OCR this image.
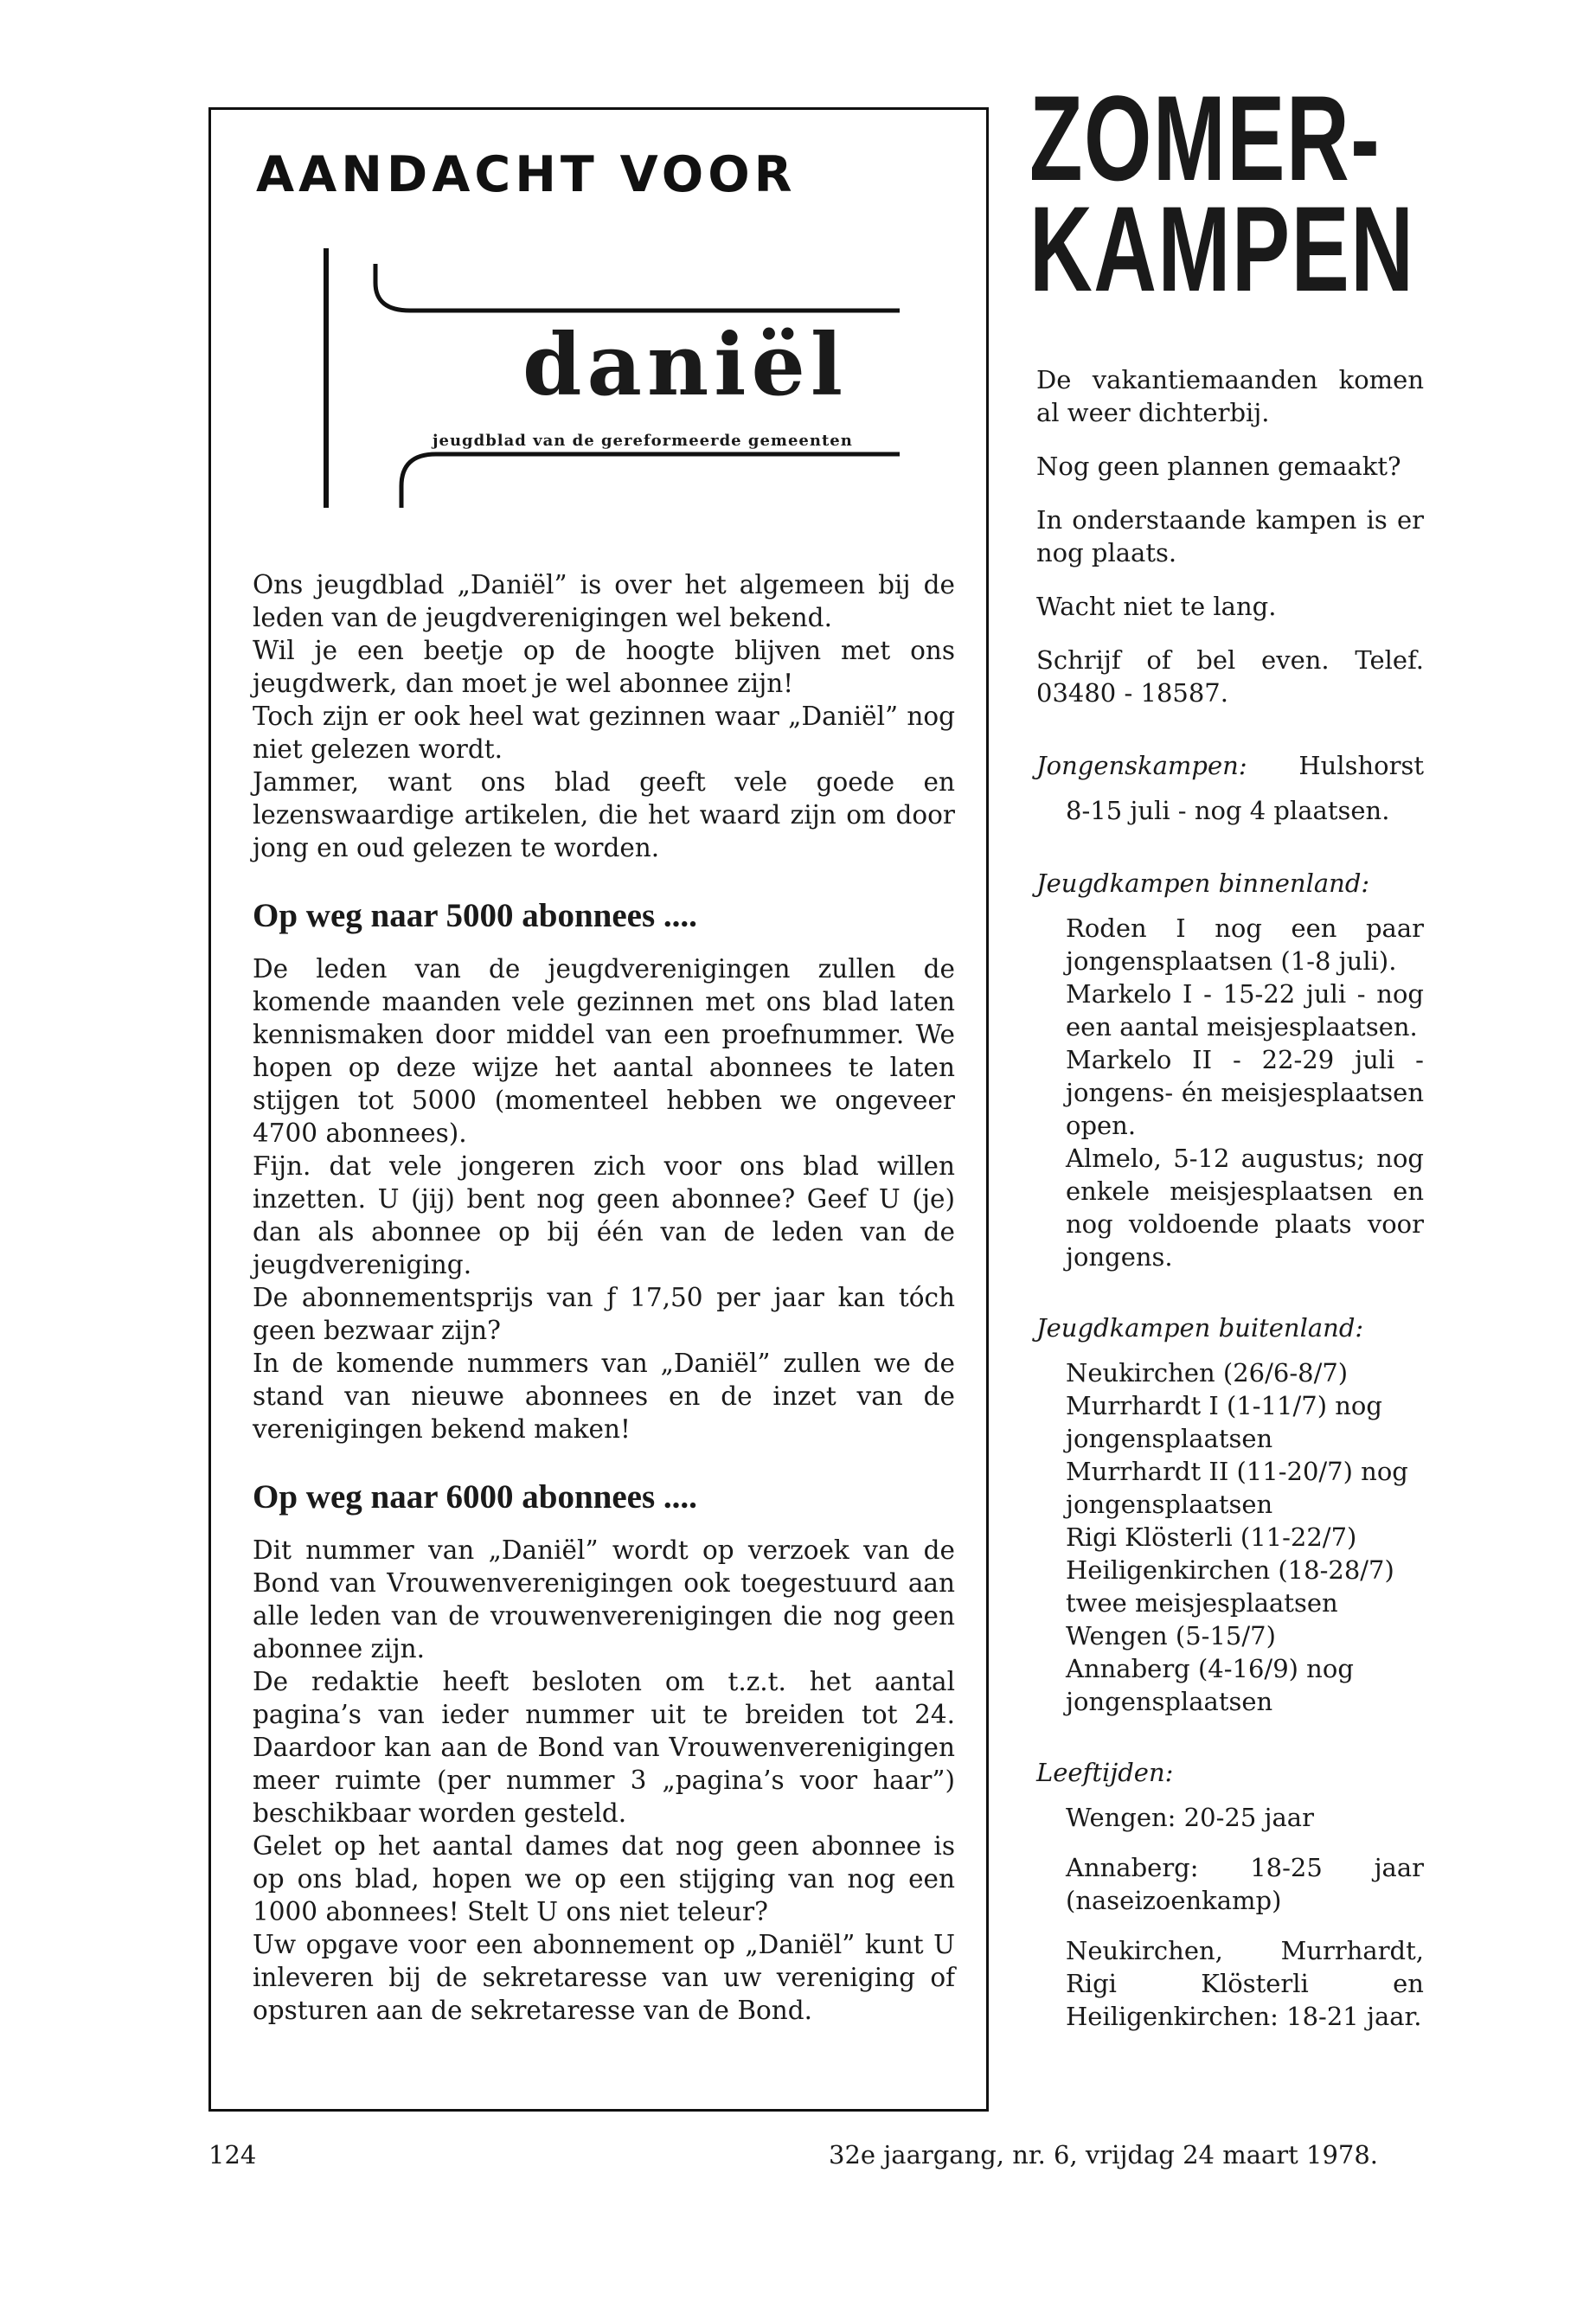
AANDACHT VOOR
daniël
jeugdblad van de gereformeerde gemeenten

Ons jeugdblad „Daniël” is over het algemeen bij de leden van de jeugdverenigingen wel bekend.

Wil je een beetje op de hoogte blijven met ons jeugdwerk, dan moet je wel abonnee zijn!

Toch zijn er ook heel wat gezinnen waar „Daniël” nog niet gelezen wordt.

Jammer, want ons blad geeft vele goede en lezenswaardige artikelen, die het waard zijn om door jong en oud gelezen te worden.

Op weg naar 5000 abonnees ....

De leden van de jeugdverenigingen zullen de komende maanden vele gezinnen met ons blad laten kennismaken door middel van een proefnummer. We hopen op deze wijze het aantal abonnees te laten stijgen tot 5000 (momenteel hebben we ongeveer 4700 abonnees).

Fijn. dat vele jongeren zich voor ons blad willen inzetten. U (jij) bent nog geen abonnee? Geef U (je) dan als abonnee op bij één van de leden van de jeugdvereniging.

De abonnementsprijs van ƒ 17,50 per jaar kan tóch geen bezwaar zijn?

In de komende nummers van „Daniël” zullen we de stand van nieuwe abonnees en de inzet van de verenigingen bekend maken!

Op weg naar 6000 abonnees ....

Dit nummer van „Daniël” wordt op verzoek van de Bond van Vrouwenverenigingen ook toegestuurd aan alle leden van de vrouwenverenigingen die nog geen abonnee zijn.

De redaktie heeft besloten om t.z.t. het aantal pagina’s van ieder nummer uit te breiden tot 24. Daardoor kan aan de Bond van Vrouwenverenigingen meer ruimte (per nummer 3 „pagina’s voor haar”) beschikbaar worden gesteld.

Gelet op het aantal dames dat nog geen abonnee is op ons blad, hopen we op een stijging van nog een 1000 abonnees! Stelt U ons niet teleur?

Uw opgave voor een abonnement op „Daniël” kunt U inleveren bij de sekretaresse van uw vereniging of opsturen aan de sekretaresse van de Bond.

ZOMER-
KAMPEN

De vakantiemaanden komen al weer dichterbij.

Nog geen plannen gemaakt?

In onderstaande kampen is er nog plaats.

Wacht niet te lang.

Schrijf of bel even. Telef. 03480 - 18587.

Jongenskampen: Hulshorst

8-15 juli - nog 4 plaatsen.

Jeugdkampen binnenland:

Roden I nog een paar jongensplaatsen (1-8 juli).

Markelo I - 15-22 juli - nog een aantal meisjesplaatsen.

Markelo II - 22-29 juli - jongens- én meisjesplaatsen open.

Almelo, 5-12 augustus; nog enkele meisjesplaatsen en nog voldoende plaats voor jongens.

Jeugdkampen buitenland:

Neukirchen (26/6-8/7)

Murrhardt I (1-11/7) nog jongensplaatsen

Murrhardt II (11-20/7) nog jongensplaatsen

Rigi Klösterli (11-22/7)

Heiligenkirchen (18-28/7) twee meisjesplaatsen

Wengen (5-15/7)

Annaberg (4-16/9) nog jongensplaatsen

Leeftijden:

Wengen: 20-25 jaar

Annaberg: 18-25 jaar (naseizoenkamp)

Neukirchen, Murrhardt, Rigi Klösterli en Heiligenkirchen: 18-21 jaar.

124	32e jaargang, nr. 6, vrijdag 24 maart 1978.
